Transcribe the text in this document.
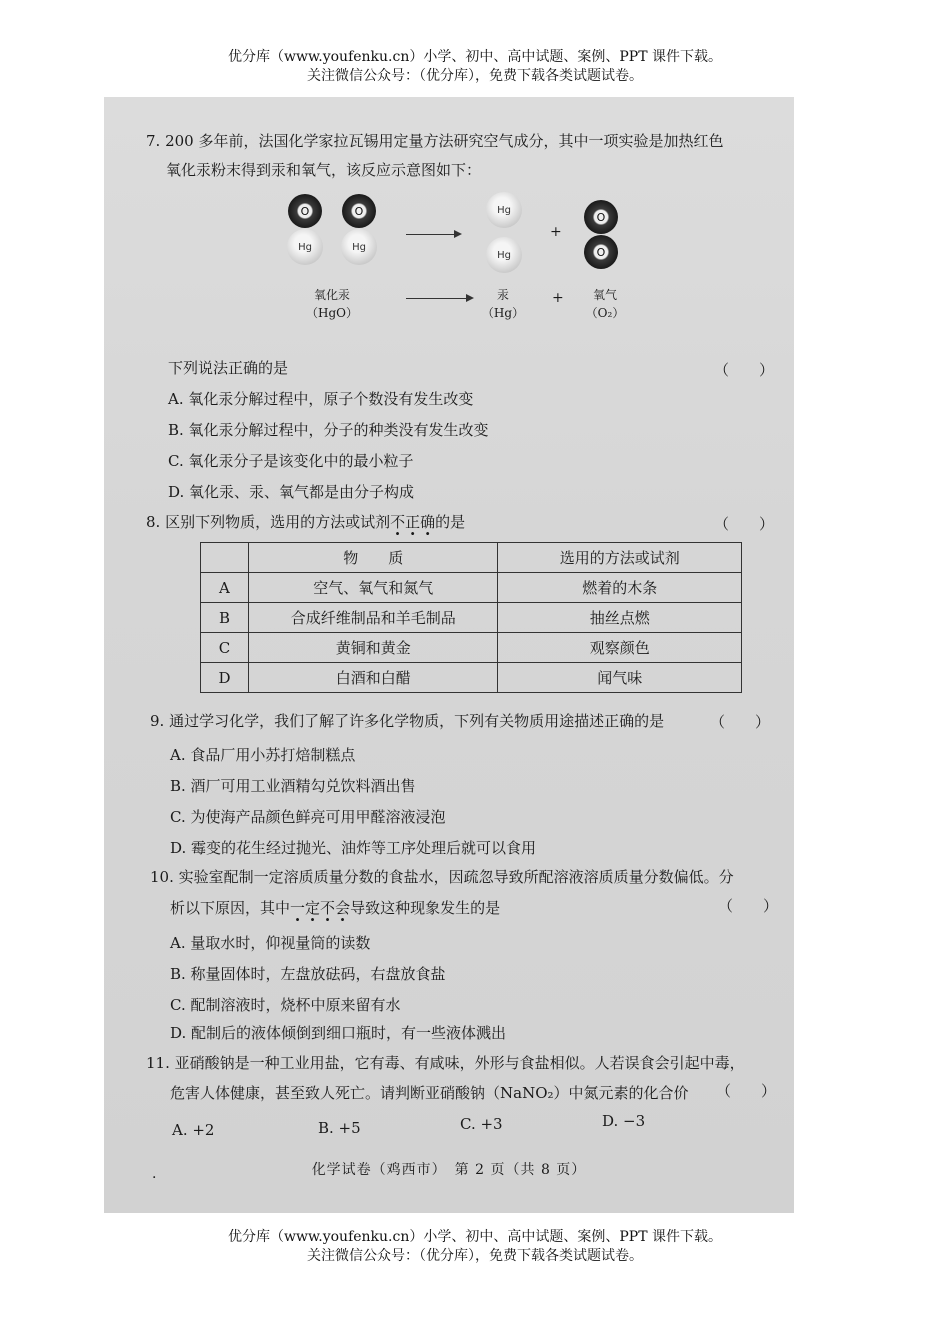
优分库（www.youfenku.cn）小学、初中、高中试题、案例、PPT 课件下载。
关注微信公众号：（优分库），免费下载各类试题试卷。
7. 200 多年前，法国化学家拉瓦锡用定量方法研究空气成分，其中一项实验是加热红色
氧化汞粉末得到汞和氧气，该反应示意图如下：
O
Hg
O
Hg
Hg
Hg
+
O
O
氧化汞
（HgO）
汞
（Hg）
+	氧气
（O₂）
下列说法正确的是	（　　）
A. 氧化汞分解过程中，原子个数没有发生改变
B. 氧化汞分解过程中，分子的种类没有发生改变
C. 氧化汞分子是该变化中的最小粒子
D. 氧化汞、汞、氧气都是由分子构成
8. 区别下列物质，选用的方法或试剂不正确的是	（　　）
	物　　质	选用的方法或试剂
A	空气、氧气和氮气	燃着的木条
B	合成纤维制品和羊毛制品	抽丝点燃
C	黄铜和黄金	观察颜色
D	白酒和白醋	闻气味
9. 通过学习化学，我们了解了许多化学物质，下列有关物质用途描述正确的是	（　　）
A. 食品厂用小苏打焙制糕点
B. 酒厂可用工业酒精勾兑饮料酒出售
C. 为使海产品颜色鲜亮可用甲醛溶液浸泡
D. 霉变的花生经过抛光、油炸等工序处理后就可以食用
10. 实验室配制一定溶质质量分数的食盐水，因疏忽导致所配溶液溶质质量分数偏低。分
析以下原因，其中一定不会导致这种现象发生的是	（　　）
A. 量取水时，仰视量筒的读数
B. 称量固体时，左盘放砝码，右盘放食盐
C. 配制溶液时，烧杯中原来留有水
D. 配制后的液体倾倒到细口瓶时，有一些液体溅出
11. 亚硝酸钠是一种工业用盐，它有毒、有咸味，外形与食盐相似。人若误食会引起中毒，
危害人体健康，甚至致人死亡。请判断亚硝酸钠（NaNO₂）中氮元素的化合价 （　　）
A. +2	B. +5	C. +3	D. −3
化学试卷（鸡西市）　第 2 页（共 8 页）
·
优分库（www.youfenku.cn）小学、初中、高中试题、案例、PPT 课件下载。
关注微信公众号：（优分库），免费下载各类试题试卷。
